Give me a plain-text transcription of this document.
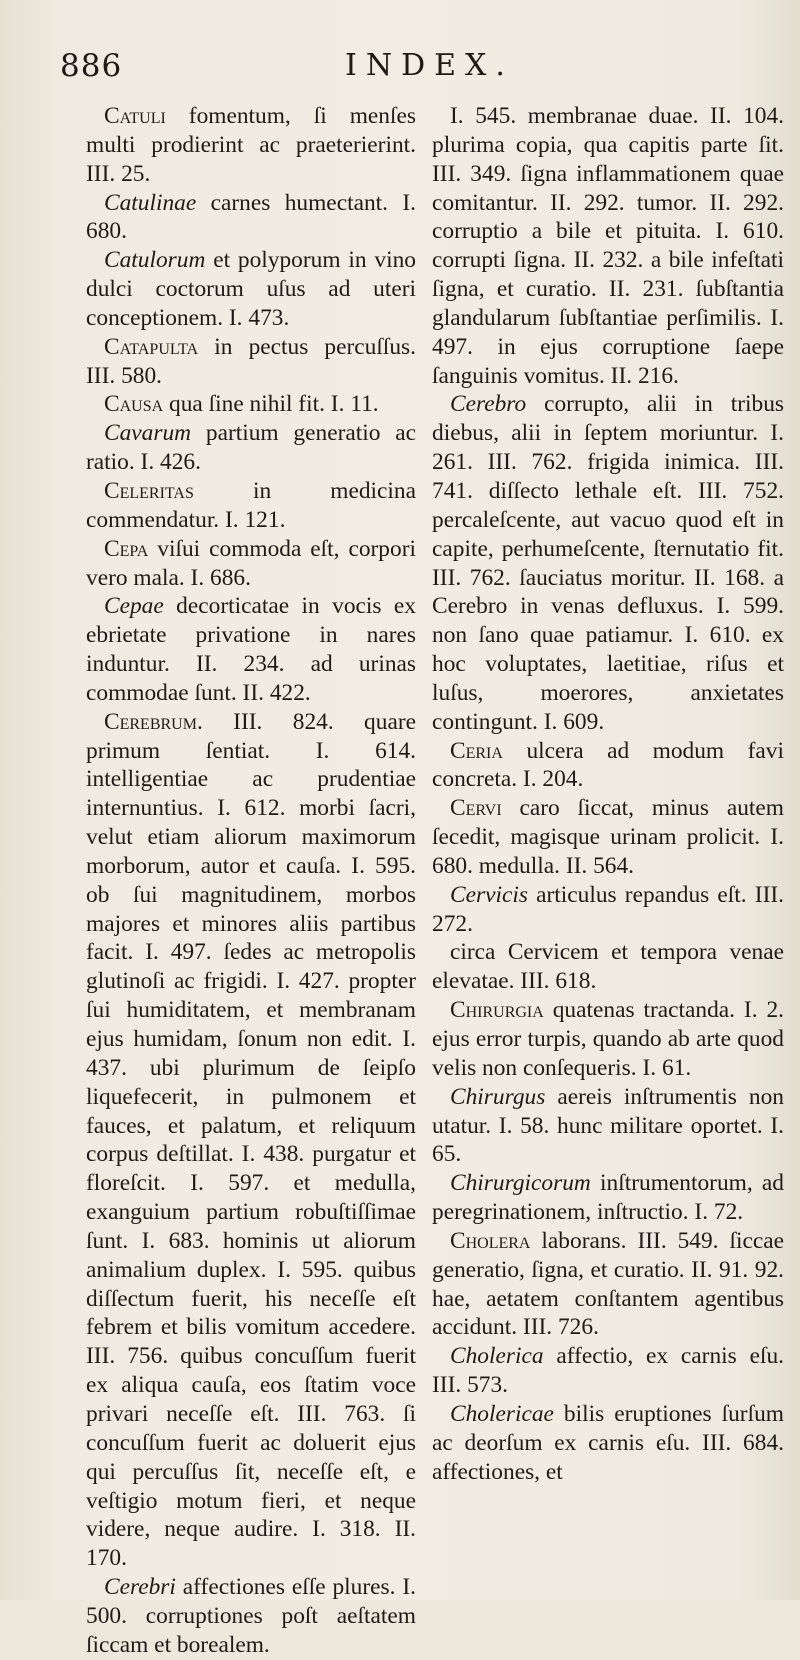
886	INDEX.

Catuli fomentum, ſi menſes multi prodierint ac praeterierint. III. 25.

Catulinae carnes humectant. I. 680.

Catulorum et polyporum in vino dulci coctorum uſus ad uteri conceptionem. I. 473.

Catapulta in pectus percuſſus. III. 580.

Causa qua ſine nihil fit. I. 11.

Cavarum partium generatio ac ratio. I. 426.

Celeritas in medicina commendatur. I. 121.

Cepa viſui commoda eſt, corpori vero mala. I. 686.

Cepae decorticatae in vocis ex ebrietate privatione in nares induntur. II. 234. ad urinas commodae ſunt. II. 422.

Cerebrum. III. 824. quare primum ſentiat. I. 614. intelligentiae ac prudentiae internuntius. I. 612. morbi ſacri, velut etiam aliorum maximorum morborum, autor et cauſa. I. 595. ob ſui magnitudinem, morbos majores et minores aliis partibus facit. I. 497. ſedes ac metropolis glutinoſi ac frigidi. I. 427. propter ſui humiditatem, et membranam ejus humidam, ſonum non edit. I. 437. ubi plurimum de ſeipſo liquefecerit, in pulmonem et fauces, et palatum, et reliquum corpus deſtillat. I. 438. purgatur et floreſcit. I. 597. et medulla, exanguium partium robuſtiſſimae ſunt. I. 683. hominis ut aliorum animalium duplex. I. 595. quibus diſſectum fuerit, his neceſſe eſt febrem et bilis vomitum accedere. III. 756. quibus concuſſum fuerit ex aliqua cauſa, eos ſtatim voce privari neceſſe eſt. III. 763. ſi concuſſum fuerit ac doluerit ejus qui percuſſus ſit, neceſſe eſt, e veſtigio motum fieri, et neque videre, neque audire. I. 318. II. 170.

Cerebri affectiones eſſe plures. I. 500. corruptiones poſt aeſtatem ſiccam et borealem.

I. 545. membranae duae. II. 104. plurima copia, qua capitis parte ſit. III. 349. ſigna inflammationem quae comitantur. II. 292. tumor. II. 292. corruptio a bile et pituita. I. 610. corrupti ſigna. II. 232. a bile infeſtati ſigna, et curatio. II. 231. ſubſtantia glandularum ſubſtantiae perſimilis. I. 497. in ejus corruptione ſaepe ſanguinis vomitus. II. 216.

Cerebro corrupto, alii in tribus diebus, alii in ſeptem moriuntur. I. 261. III. 762. frigida inimica. III. 741. diſſecto lethale eſt. III. 752. percaleſcente, aut vacuo quod eſt in capite, perhumeſcente, ſternutatio fit. III. 762. ſauciatus moritur. II. 168. a Cerebro in venas defluxus. I. 599. non ſano quae patiamur. I. 610. ex hoc voluptates, laetitiae, riſus et luſus, moerores, anxietates contingunt. I. 609.

Ceria ulcera ad modum favi concreta. I. 204.

Cervi caro ſiccat, minus autem ſecedit, magisque urinam prolicit. I. 680. medulla. II. 564.

Cervicis articulus repandus eſt. III. 272.

circa Cervicem et tempora venae elevatae. III. 618.

Chirurgia quatenas tractanda. I. 2. ejus error turpis, quando ab arte quod velis non conſequeris. I. 61.

Chirurgus aereis inſtrumentis non utatur. I. 58. hunc militare oportet. I. 65.

Chirurgicorum inſtrumentorum, ad peregrinationem, inſtructio. I. 72.

Cholera laborans. III. 549. ſiccae generatio, ſigna, et curatio. II. 91. 92. hae, aetatem conſtantem agentibus accidunt. III. 726.

Cholerica affectio, ex carnis eſu. III. 573.

Cholericae bilis eruptiones ſurſum ac deorſum ex carnis eſu. III. 684. affectiones, et
